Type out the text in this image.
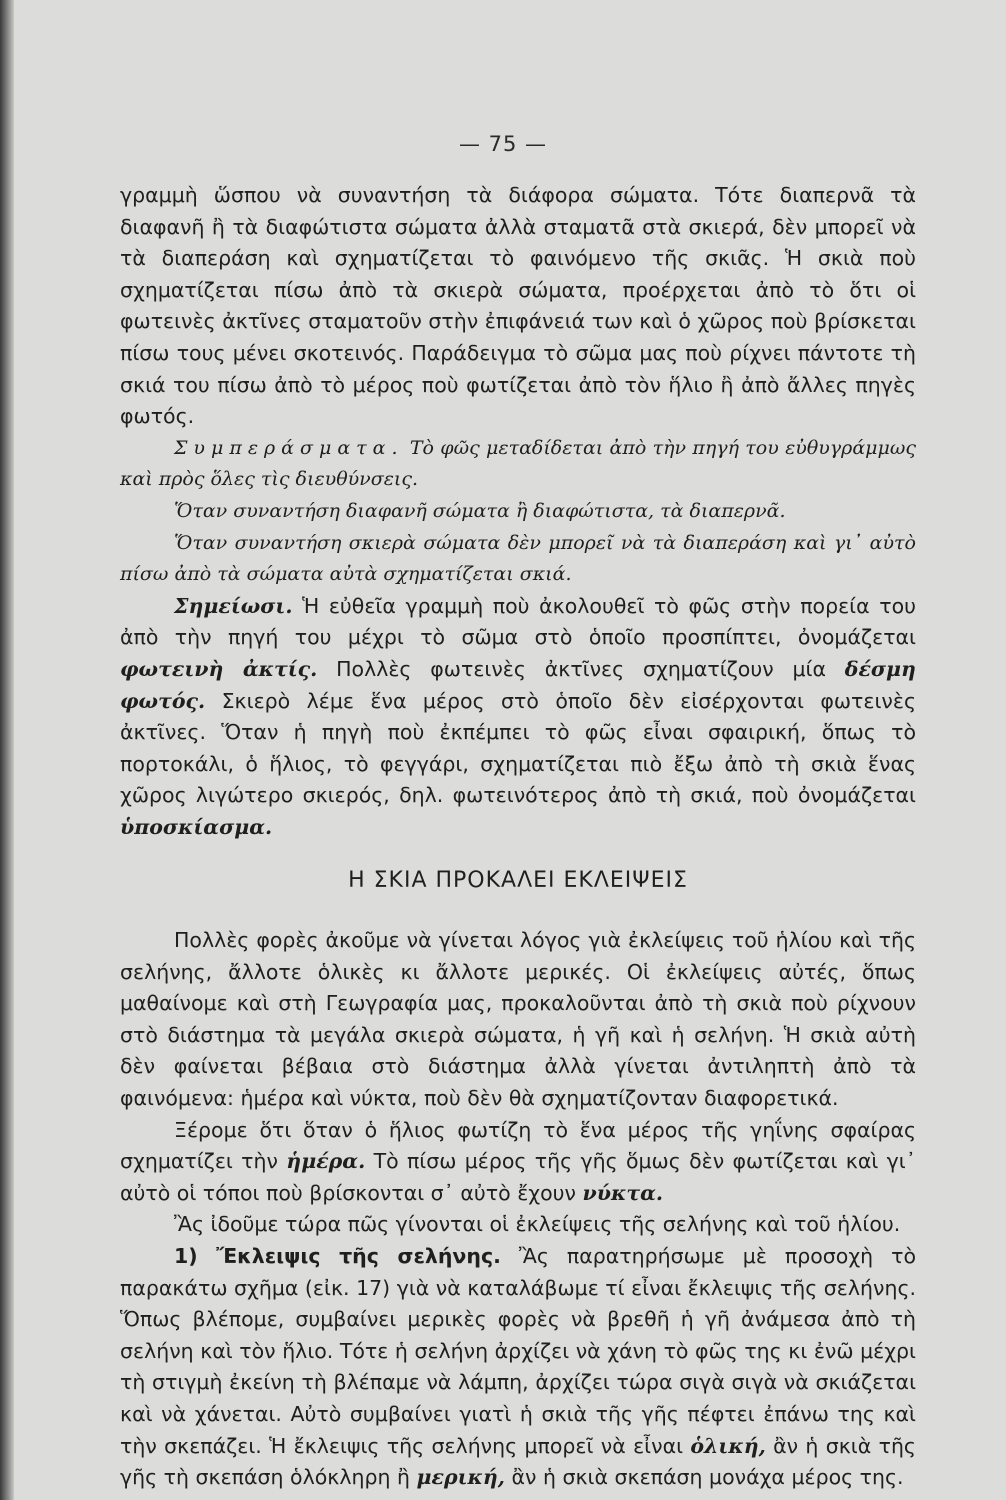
— 75 —

γραμμὴ ὥσπου νὰ συναντήση τὰ διάφορα σώματα. Τότε διαπερνᾶ τὰ διαφανῆ ἢ τὰ διαφώτιστα σώματα ἀλλὰ σταματᾶ στὰ σκιερά, δὲν μπορεῖ νὰ τὰ διαπεράση καὶ σχηματίζεται τὸ φαινόμενο τῆς σκιᾶς. Ἡ σκιὰ ποὺ σχηματίζεται πίσω ἀπὸ τὰ σκιερὰ σώματα, προέρχεται ἀπὸ τὸ ὅτι οἱ φωτεινὲς ἀκτῖνες σταματοῦν στὴν ἐπιφάνειά των καὶ ὁ χῶρος ποὺ βρίσκεται πίσω τους μένει σκοτεινός. Παράδειγμα τὸ σῶμα μας ποὺ ρίχνει πάντοτε τὴ σκιά του πίσω ἀπὸ τὸ μέρος ποὺ φωτίζεται ἀπὸ τὸν ἥλιο ἢ ἀπὸ ἄλλες πηγὲς φωτός.

Συμπεράσματα. Τὸ φῶς μεταδίδεται ἀπὸ τὴν πηγή του εὐθυγράμμως καὶ πρὸς ὅλες τὶς διευθύνσεις.

Ὅταν συναντήση διαφανῆ σώματα ἢ διαφώτιστα, τὰ διαπερνᾶ.

Ὅταν συναντήση σκιερὰ σώματα δὲν μπορεῖ νὰ τὰ διαπεράση καὶ γι᾿ αὐτὸ πίσω ἀπὸ τὰ σώματα αὐτὰ σχηματίζεται σκιά.

Σημείωσι. Ἡ εὐθεῖα γραμμὴ ποὺ ἀκολουθεῖ τὸ φῶς στὴν πορεία του ἀπὸ τὴν πηγή του μέχρι τὸ σῶμα στὸ ὁποῖο προσπίπτει, ὀνομάζεται φωτεινὴ ἀκτίς. Πολλὲς φωτεινὲς ἀκτῖνες σχηματίζουν μία δέσμη φωτός. Σκιερὸ λέμε ἕνα μέρος στὸ ὁποῖο δὲν εἰσέρχονται φωτεινὲς ἀκτῖνες. Ὅταν ἡ πηγὴ ποὺ ἐκπέμπει τὸ φῶς εἶναι σφαιρική, ὅπως τὸ πορτοκάλι, ὁ ἥλιος, τὸ φεγγάρι, σχηματίζεται πιὸ ἔξω ἀπὸ τὴ σκιὰ ἕνας χῶρος λιγώτερο σκιερός, δηλ. φωτεινότερος ἀπὸ τὴ σκιά, ποὺ ὀνομάζεται ὑποσκίασμα.

Η ΣΚΙΑ ΠΡΟΚΑΛΕΙ ΕΚΛΕΙΨΕΙΣ

Πολλὲς φορὲς ἀκοῦμε νὰ γίνεται λόγος γιὰ ἐκλείψεις τοῦ ἡλίου καὶ τῆς σελήνης, ἄλλοτε ὁλικὲς κι ἄλλοτε μερικές. Οἱ ἐκλείψεις αὐτές, ὅπως μαθαίνομε καὶ στὴ Γεωγραφία μας, προκαλοῦνται ἀπὸ τὴ σκιὰ ποὺ ρίχνουν στὸ διάστημα τὰ μεγάλα σκιερὰ σώματα, ἡ γῆ καὶ ἡ σελήνη. Ἡ σκιὰ αὐτὴ δὲν φαίνεται βέβαια στὸ διάστημα ἀλλὰ γίνεται ἀντιληπτὴ ἀπὸ τὰ φαινόμενα: ἡμέρα καὶ νύκτα, ποὺ δὲν θὰ σχηματίζονταν διαφορετικά.

Ξέρομε ὅτι ὅταν ὁ ἥλιος φωτίζη τὸ ἕνα μέρος τῆς γηΐνης σφαίρας σχηματίζει τὴν ἡμέρα. Τὸ πίσω μέρος τῆς γῆς ὅμως δὲν φωτίζεται καὶ γι᾿ αὐτὸ οἱ τόποι ποὺ βρίσκονται σ᾿ αὐτὸ ἔχουν νύκτα.

Ἂς ἰδοῦμε τώρα πῶς γίνονται οἱ ἐκλείψεις τῆς σελήνης καὶ τοῦ ἡλίου.

1) Ἔκλειψις τῆς σελήνης. Ἂς παρατηρήσωμε μὲ προσοχὴ τὸ παρακάτω σχῆμα (εἰκ. 17) γιὰ νὰ καταλάβωμε τί εἶναι ἔκλειψις τῆς σελήνης. Ὅπως βλέπομε, συμβαίνει μερικὲς φορὲς νὰ βρεθῆ ἡ γῆ ἀνάμεσα ἀπὸ τὴ σελήνη καὶ τὸν ἥλιο. Τότε ἡ σελήνη ἀρχίζει νὰ χάνη τὸ φῶς της κι ἐνῶ μέχρι τὴ στιγμὴ ἐκείνη τὴ βλέπαμε νὰ λάμπη, ἀρχίζει τώρα σιγὰ σιγὰ νὰ σκιάζεται καὶ νὰ χάνεται. Αὐτὸ συμβαίνει γιατὶ ἡ σκιὰ τῆς γῆς πέφτει ἐπάνω της καὶ τὴν σκεπάζει. Ἡ ἔκλειψις τῆς σελήνης μπορεῖ νὰ εἶναι ὁλική, ἂν ἡ σκιὰ τῆς γῆς τὴ σκεπάση ὁλόκληρη ἢ μερική, ἂν ἡ σκιὰ σκεπάση μονάχα μέρος της.
